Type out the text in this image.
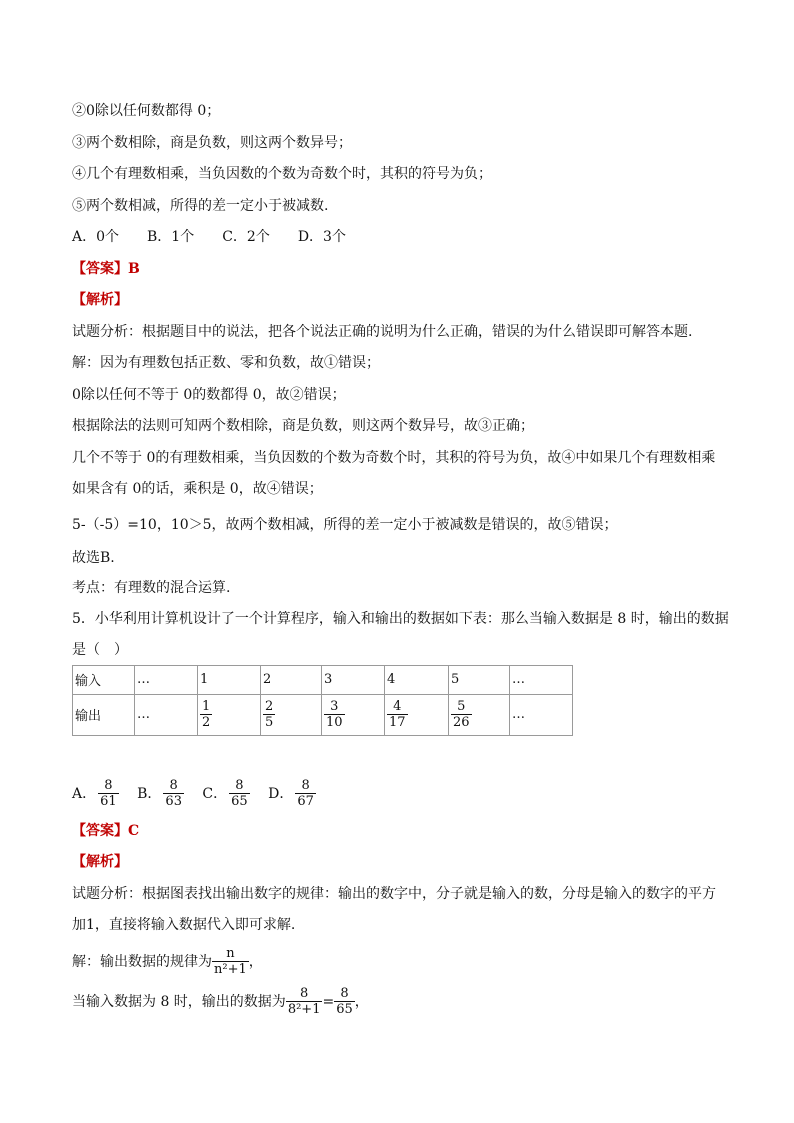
②0除以任何数都得 0；
③两个数相除，商是负数，则这两个数异号；
④几个有理数相乘，当负因数的个数为奇数个时，其积的符号为负；
⑤两个数相减，所得的差一定小于被减数.
A．0个　　B．1个　　C．2个　　D．3个
【答案】B
【解析】
试题分析：根据题目中的说法，把各个说法正确的说明为什么正确，错误的为什么错误即可解答本题.
解：因为有理数包括正数、零和负数，故①错误；
0除以任何不等于 0的数都得 0，故②错误；
根据除法的法则可知两个数相除，商是负数，则这两个数异号，故③正确；
几个不等于 0的有理数相乘，当负因数的个数为奇数个时，其积的符号为负，故④中如果几个有理数相乘
如果含有 0的话，乘积是 0，故④错误；
5-（-5）=10，10＞5，故两个数相减，所得的差一定小于被减数是错误的，故⑤错误；
故选B.
考点：有理数的混合运算.
5．小华利用计算机设计了一个计算程序，输入和输出的数据如下表：那么当输入数据是 8 时，输出的数据
是（　）
输入	…	1	2	3	4	5	…
输出	…	$\frac{1}{2}$	$\frac{2}{5}$	$\frac{3}{10}$	$\frac{4}{17}$	$\frac{5}{26}$	…
A． $\frac{8}{61}$ B． $\frac{8}{63}$ C． $\frac{8}{65}$ D． $\frac{8}{67}$
【答案】C
【解析】
试题分析：根据图表找出输出数字的规律：输出的数字中，分子就是输入的数，分母是输入的数字的平方
加1，直接将输入数据代入即可求解.
解：输出数据的规律为 $\frac{n}{\text{n²+1}}$ ，
当输入数据为 8 时，输出的数据为 $\frac{8}{\text{8²+1}} = \frac{8}{65}$ ，
